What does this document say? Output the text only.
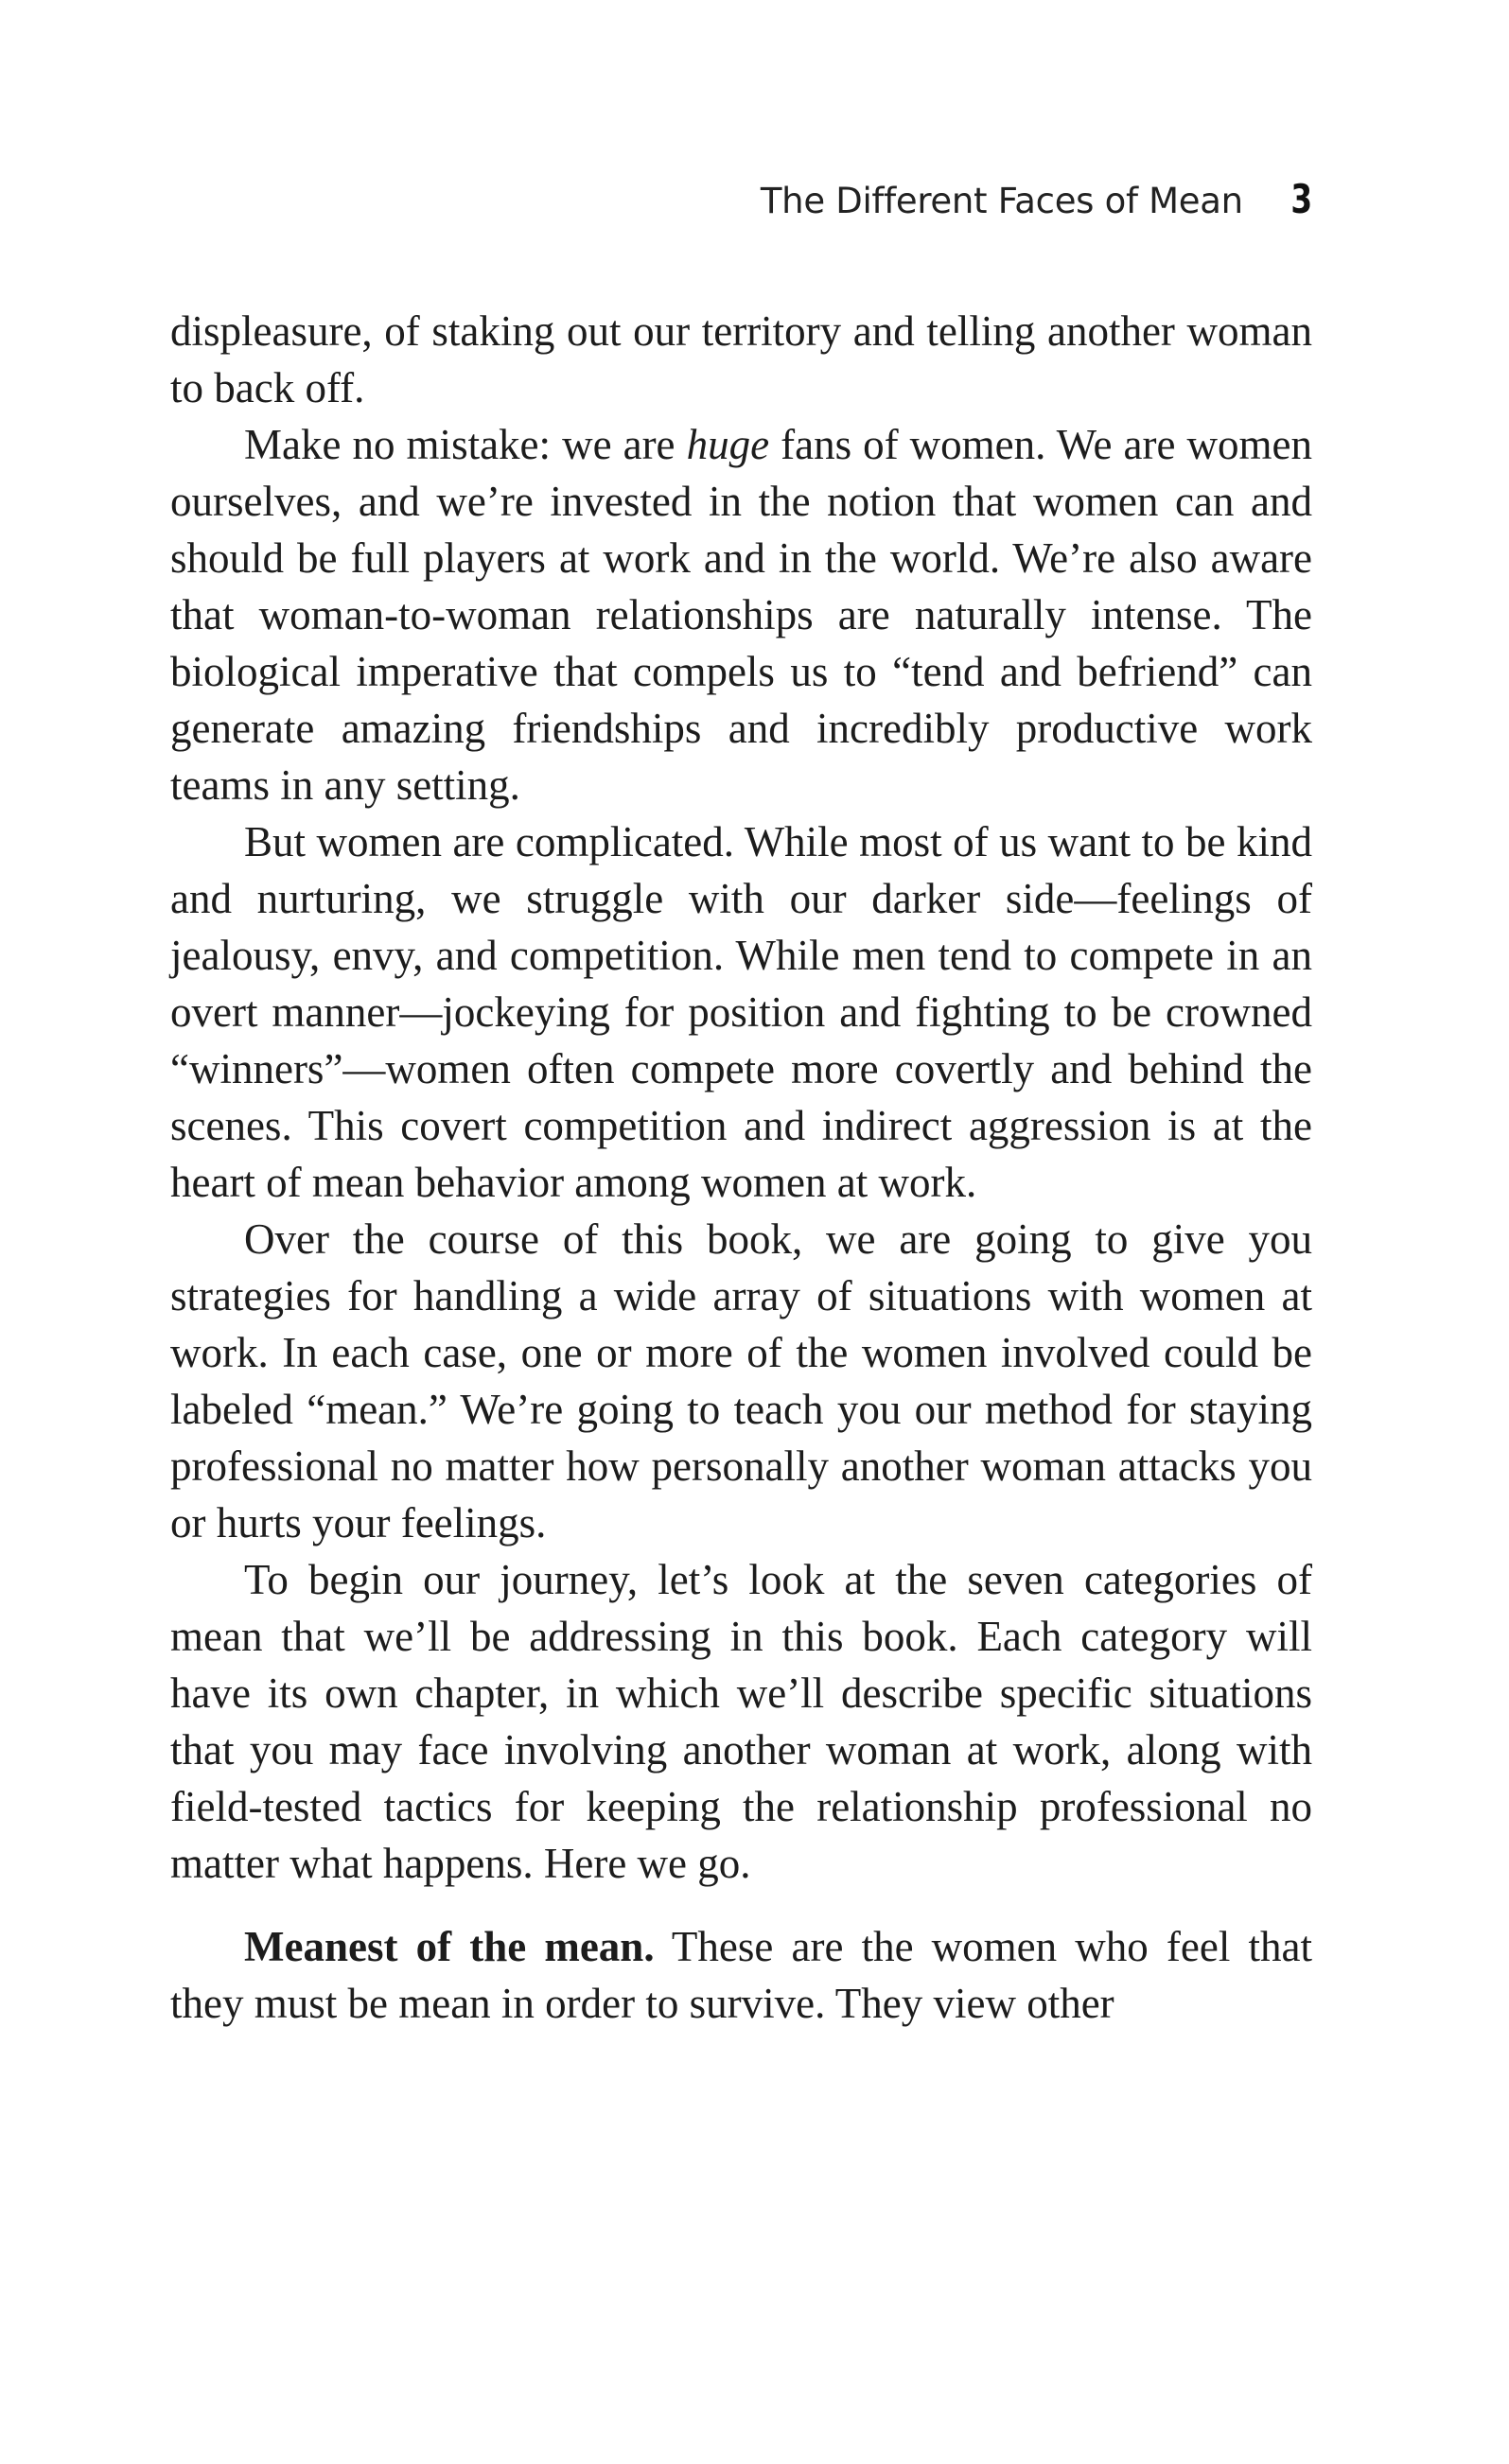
The Different Faces of Mean 3

displeasure, of staking out our territory and telling another woman to back off.

Make no mistake: we are huge fans of women. We are women ourselves, and we’re invested in the notion that women can and should be full players at work and in the world. We’re also aware that woman-to-woman relationships are naturally intense. The biological imperative that compels us to “tend and befriend” can generate amazing friendships and incredibly productive work teams in any setting.

But women are complicated. While most of us want to be kind and nurturing, we struggle with our darker side—feelings of jealousy, envy, and competition. While men tend to compete in an overt manner—jockeying for position and fighting to be crowned “winners”—women often compete more covertly and behind the scenes. This covert competition and indirect aggression is at the heart of mean behavior among women at work.

Over the course of this book, we are going to give you strategies for handling a wide array of situations with women at work. In each case, one or more of the women involved could be labeled “mean.” We’re going to teach you our method for staying professional no matter how personally another woman attacks you or hurts your feelings.

To begin our journey, let’s look at the seven categories of mean that we’ll be addressing in this book. Each category will have its own chapter, in which we’ll describe specific situations that you may face involving another woman at work, along with field-tested tactics for keeping the relationship professional no matter what happens. Here we go.

Meanest of the mean. These are the women who feel that they must be mean in order to survive. They view other
